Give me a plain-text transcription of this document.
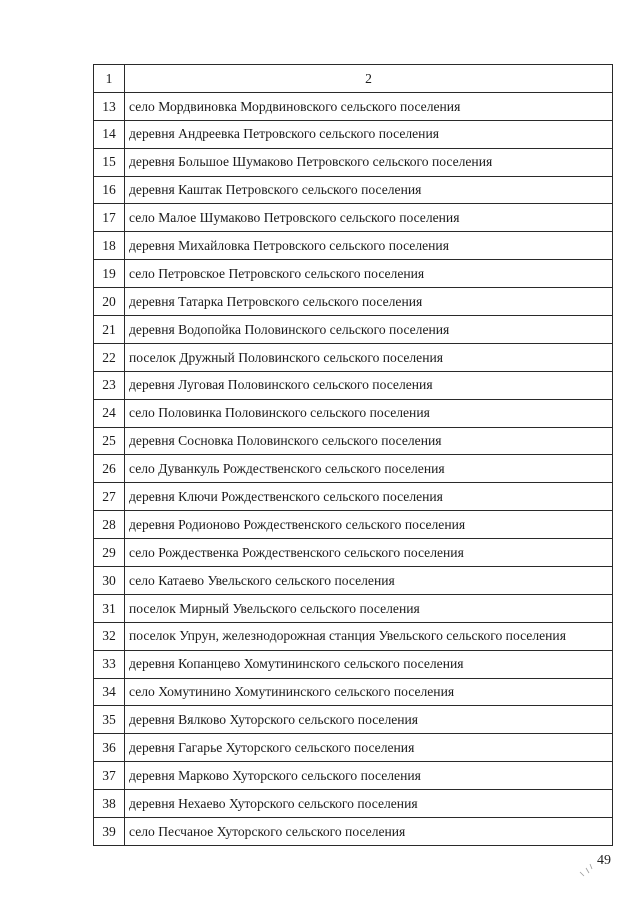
1	2
13	село Мордвиновка Мордвиновского сельского поселения
14	деревня Андреевка Петровского сельского поселения
15	деревня Большое Шумаково Петровского сельского поселения
16	деревня Каштак Петровского сельского поселения
17	село Малое Шумаково Петровского сельского поселения
18	деревня Михайловка Петровского сельского поселения
19	село Петровское Петровского сельского поселения
20	деревня Татарка Петровского сельского поселения
21	деревня Водопойка Половинского сельского поселения
22	поселок Дружный Половинского сельского поселения
23	деревня Луговая Половинского сельского поселения
24	село Половинка Половинского сельского поселения
25	деревня Сосновка Половинского сельского поселения
26	село Дуванкуль Рождественского сельского поселения
27	деревня Ключи Рождественского сельского поселения
28	деревня Родионово Рождественского сельского поселения
29	село Рождественка Рождественского сельского поселения
30	село Катаево Увельского сельского поселения
31	поселок Мирный Увельского сельского поселения
32	поселок Упрун, железнодорожная станция Увельского сельского поселения
33	деревня Копанцево Хомутининского сельского поселения
34	село Хомутинино Хомутининского сельского поселения
35	деревня Вялково Хуторского сельского поселения
36	деревня Гагарье Хуторского сельского поселения
37	деревня Марково Хуторского сельского поселения
38	деревня Нехаево Хуторского сельского поселения
39	село Песчаное Хуторского сельского поселения
49
